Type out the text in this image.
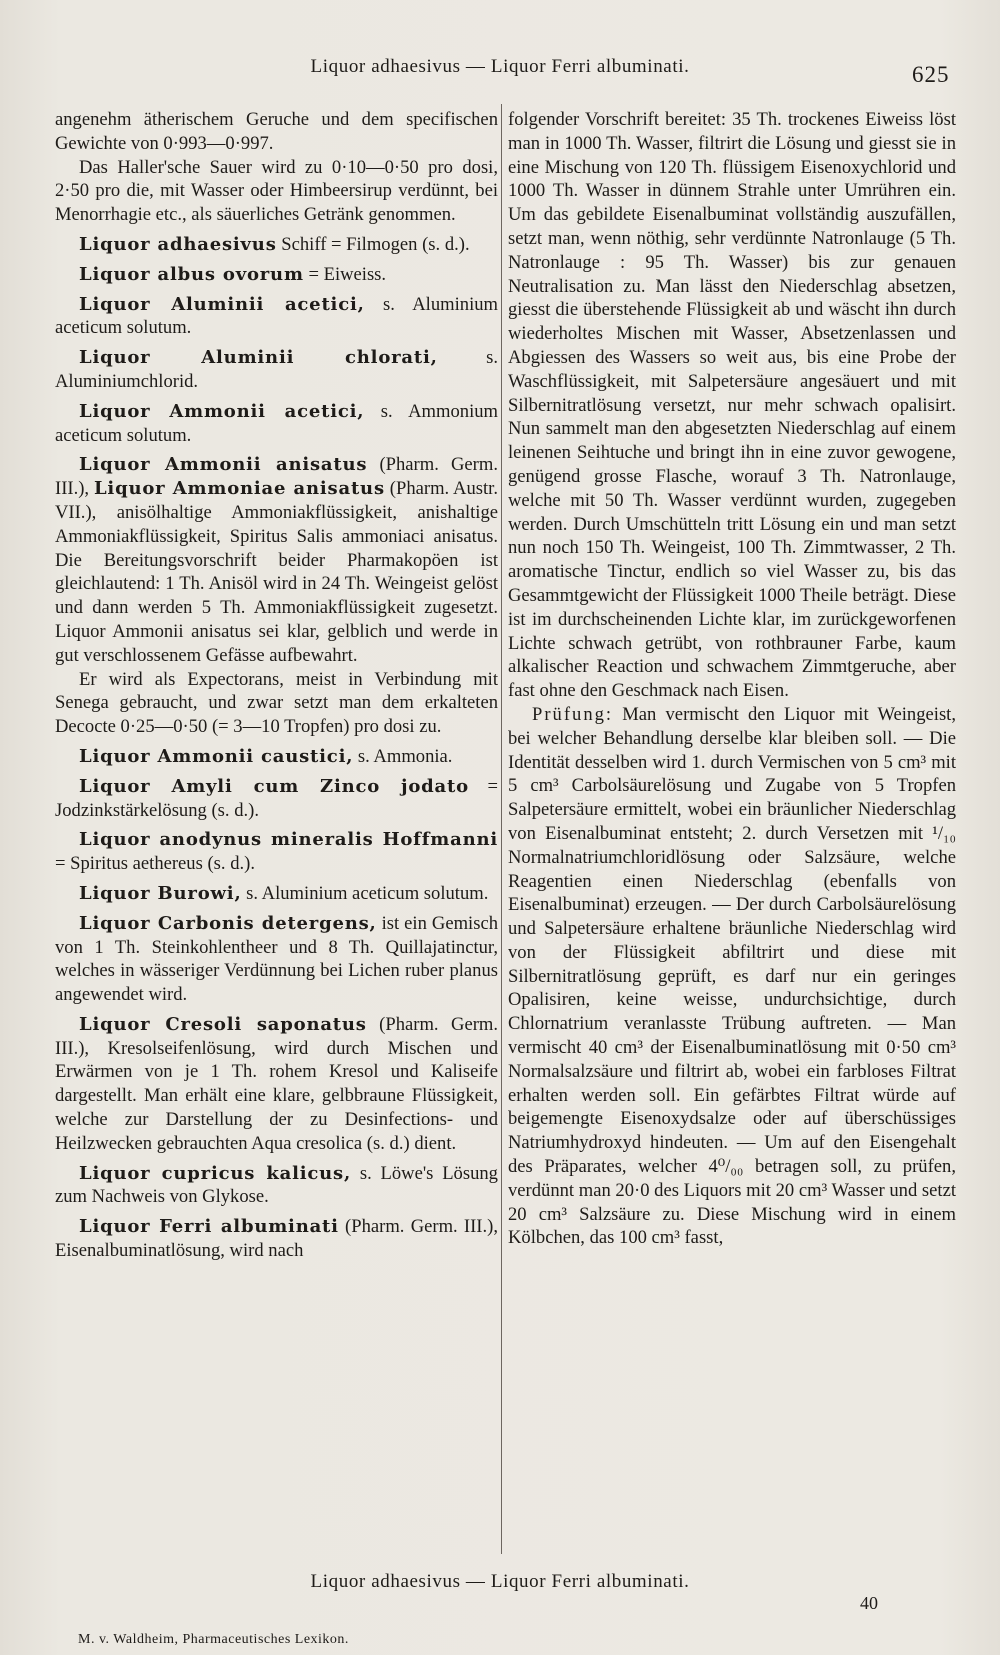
Liquor adhaesivus — Liquor Ferri albuminati.	625

angenehm ätherischem Geruche und dem specifischen Gewichte von 0·993—0·997.

Das Haller'sche Sauer wird zu 0·10—0·50 pro dosi, 2·50 pro die, mit Wasser oder Himbeersirup verdünnt, bei Menorrhagie etc., als säuerliches Getränk genommen.

Liquor adhaesivus Schiff = Filmogen (s. d.).

Liquor albus ovorum = Eiweiss.

Liquor Aluminii acetici, s. Aluminium aceticum solutum.

Liquor Aluminii chlorati, s. Aluminiumchlorid.

Liquor Ammonii acetici, s. Ammonium aceticum solutum.

Liquor Ammonii anisatus (Pharm. Germ. III.), Liquor Ammoniae anisatus (Pharm. Austr. VII.), anisölhaltige Ammoniakflüssigkeit, anishaltige Ammoniakflüssigkeit, Spiritus Salis ammoniaci anisatus. Die Bereitungsvorschrift beider Pharmakopöen ist gleichlautend: 1 Th. Anisöl wird in 24 Th. Weingeist gelöst und dann werden 5 Th. Ammoniakflüssigkeit zugesetzt. Liquor Ammonii anisatus sei klar, gelblich und werde in gut verschlossenem Gefässe aufbewahrt.

Er wird als Expectorans, meist in Verbindung mit Senega gebraucht, und zwar setzt man dem erkalteten Decocte 0·25—0·50 (= 3—10 Tropfen) pro dosi zu.

Liquor Ammonii caustici, s. Ammonia.

Liquor Amyli cum Zinco jodato = Jodzinkstärkelösung (s. d.).

Liquor anodynus mineralis Hoffmanni = Spiritus aethereus (s. d.).

Liquor Burowi, s. Aluminium aceticum solutum.

Liquor Carbonis detergens, ist ein Gemisch von 1 Th. Steinkohlentheer und 8 Th. Quillajatinctur, welches in wässeriger Verdünnung bei Lichen ruber planus angewendet wird.

Liquor Cresoli saponatus (Pharm. Germ. III.), Kresolseifenlösung, wird durch Mischen und Erwärmen von je 1 Th. rohem Kresol und Kaliseife dargestellt. Man erhält eine klare, gelbbraune Flüssigkeit, welche zur Darstellung der zu Desinfections- und Heilzwecken gebrauchten Aqua cresolica (s. d.) dient.

Liquor cupricus kalicus, s. Löwe's Lösung zum Nachweis von Glykose.

Liquor Ferri albuminati (Pharm. Germ. III.), Eisenalbuminatlösung, wird nach

folgender Vorschrift bereitet: 35 Th. trockenes Eiweiss löst man in 1000 Th. Wasser, filtrirt die Lösung und giesst sie in eine Mischung von 120 Th. flüssigem Eisenoxychlorid und 1000 Th. Wasser in dünnem Strahle unter Umrühren ein. Um das gebildete Eisenalbuminat vollständig auszufällen, setzt man, wenn nöthig, sehr verdünnte Natronlauge (5 Th. Natronlauge : 95 Th. Wasser) bis zur genauen Neutralisation zu. Man lässt den Niederschlag absetzen, giesst die überstehende Flüssigkeit ab und wäscht ihn durch wiederholtes Mischen mit Wasser, Absetzenlassen und Abgiessen des Wassers so weit aus, bis eine Probe der Waschflüssigkeit, mit Salpetersäure angesäuert und mit Silbernitratlösung versetzt, nur mehr schwach opalisirt. Nun sammelt man den abgesetzten Niederschlag auf einem leinenen Seihtuche und bringt ihn in eine zuvor gewogene, genügend grosse Flasche, worauf 3 Th. Natronlauge, welche mit 50 Th. Wasser verdünnt wurden, zugegeben werden. Durch Umschütteln tritt Lösung ein und man setzt nun noch 150 Th. Weingeist, 100 Th. Zimmtwasser, 2 Th. aromatische Tinctur, endlich so viel Wasser zu, bis das Gesammtgewicht der Flüssigkeit 1000 Theile beträgt. Diese ist im durchscheinenden Lichte klar, im zurückgeworfenen Lichte schwach getrübt, von rothbrauner Farbe, kaum alkalischer Reaction und schwachem Zimmtgeruche, aber fast ohne den Geschmack nach Eisen.

Prüfung: Man vermischt den Liquor mit Weingeist, bei welcher Behandlung derselbe klar bleiben soll. — Die Identität desselben wird 1. durch Vermischen von 5 cm³ mit 5 cm³ Carbolsäurelösung und Zugabe von 5 Tropfen Salpetersäure ermittelt, wobei ein bräunlicher Niederschlag von Eisenalbuminat entsteht; 2. durch Versetzen mit ¹/₁₀ Normalnatriumchloridlösung oder Salzsäure, welche Reagentien einen Niederschlag (ebenfalls von Eisenalbuminat) erzeugen. — Der durch Carbolsäurelösung und Salpetersäure erhaltene bräunliche Niederschlag wird von der Flüssigkeit abfiltrirt und diese mit Silbernitratlösung geprüft, es darf nur ein geringes Opalisiren, keine weisse, undurchsichtige, durch Chlornatrium veranlasste Trübung auftreten. — Man vermischt 40 cm³ der Eisenalbuminatlösung mit 0·50 cm³ Normalsalzsäure und filtrirt ab, wobei ein farbloses Filtrat erhalten werden soll. Ein gefärbtes Filtrat würde auf beigemengte Eisenoxydsalze oder auf überschüssiges Natriumhydroxyd hindeuten. — Um auf den Eisengehalt des Präparates, welcher 4⁰/₀₀ betragen soll, zu prüfen, verdünnt man 20·0 des Liquors mit 20 cm³ Wasser und setzt 20 cm³ Salzsäure zu. Diese Mischung wird in einem Kölbchen, das 100 cm³ fasst,

Liquor adhaesivus — Liquor Ferri albuminati.
40
M. v. Waldheim, Pharmaceutisches Lexikon.
